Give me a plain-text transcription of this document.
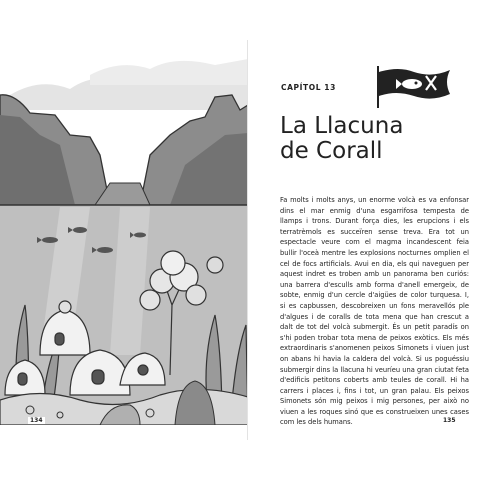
134
CAPÍTOL 13
La Llacuna
de Corall

Fa molts i molts anys, un enorme volcà es va enfonsar dins el mar enmig d'una esgarrifosa tempesta de llamps i trons. Durant força dies, les erupcions i els terratrèmols es succeïren sense treva. Era tot un espectacle veure com el magma incandescent feia bullir l'oceà mentre les explosions nocturnes omplien el cel de focs artificials. Avui en dia, els qui naveguen per aquest indret es troben amb un panorama ben curiós: una barrera d'esculls amb forma d'anell emergeix, de sobte, enmig d'un cercle d'aigües de color turquesa. I, si es capbussen, descobreixen un fons meravellós ple d'algues i de coralls de tota mena que han crescut a dalt de tot del volcà submergit. És un petit paradís on s'hi poden trobar tota mena de peixos exòtics. Els més extraordinaris s'anomenen peixos Simonets i viuen just on abans hi havia la caldera del volcà. Si us poguéssiu submergir dins la llacuna hi veuríeu una gran ciutat feta d'edificis petitons coberts amb teules de corall. Hi ha carrers i places i, fins i tot, un gran palau. Els peixos Simonets són mig peixos i mig persones, per això no viuen a les roques sinó que es construeixen unes cases com les dels humans.	135
